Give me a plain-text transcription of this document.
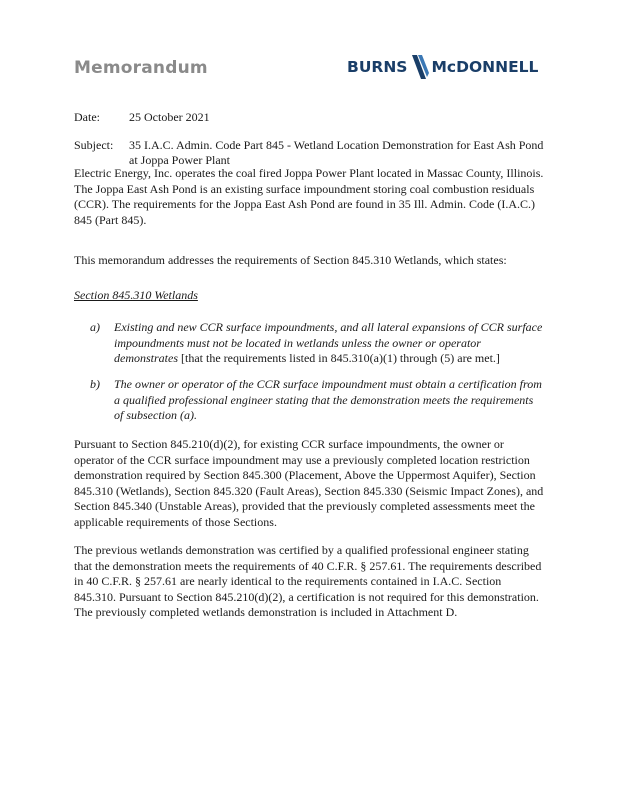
Memorandum	BURNS McDONNELL
Date: 25 October 2021
Subject: 35 I.A.C. Admin. Code Part 845 - Wetland Location Demonstration for East Ash Pond at Joppa Power Plant

Electric Energy, Inc. operates the coal fired Joppa Power Plant located in Massac County, Illinois. The Joppa East Ash Pond is an existing surface impoundment storing coal combustion residuals (CCR). The requirements for the Joppa East Ash Pond are found in 35 Ill. Admin. Code (I.A.C.) 845 (Part 845).

This memorandum addresses the requirements of Section 845.310 Wetlands, which states:

Section 845.310 Wetlands
a) Existing and new CCR surface impoundments, and all lateral expansions of CCR surface impoundments must not be located in wetlands unless the owner or operator demonstrates [that the requirements listed in 845.310(a)(1) through (5) are met.]
b) The owner or operator of the CCR surface impoundment must obtain a certification from a qualified professional engineer stating that the demonstration meets the requirements of subsection (a).

Pursuant to Section 845.210(d)(2), for existing CCR surface impoundments, the owner or operator of the CCR surface impoundment may use a previously completed location restriction demonstration required by Section 845.300 (Placement, Above the Uppermost Aquifer), Section 845.310 (Wetlands), Section 845.320 (Fault Areas), Section 845.330 (Seismic Impact Zones), and Section 845.340 (Unstable Areas), provided that the previously completed assessments meet the applicable requirements of those Sections.

The previous wetlands demonstration was certified by a qualified professional engineer stating that the demonstration meets the requirements of 40 C.F.R. § 257.61. The requirements described in 40 C.F.R. § 257.61 are nearly identical to the requirements contained in I.A.C. Section 845.310. Pursuant to Section 845.210(d)(2), a certification is not required for this demonstration. The previously completed wetlands demonstration is included in Attachment D.
